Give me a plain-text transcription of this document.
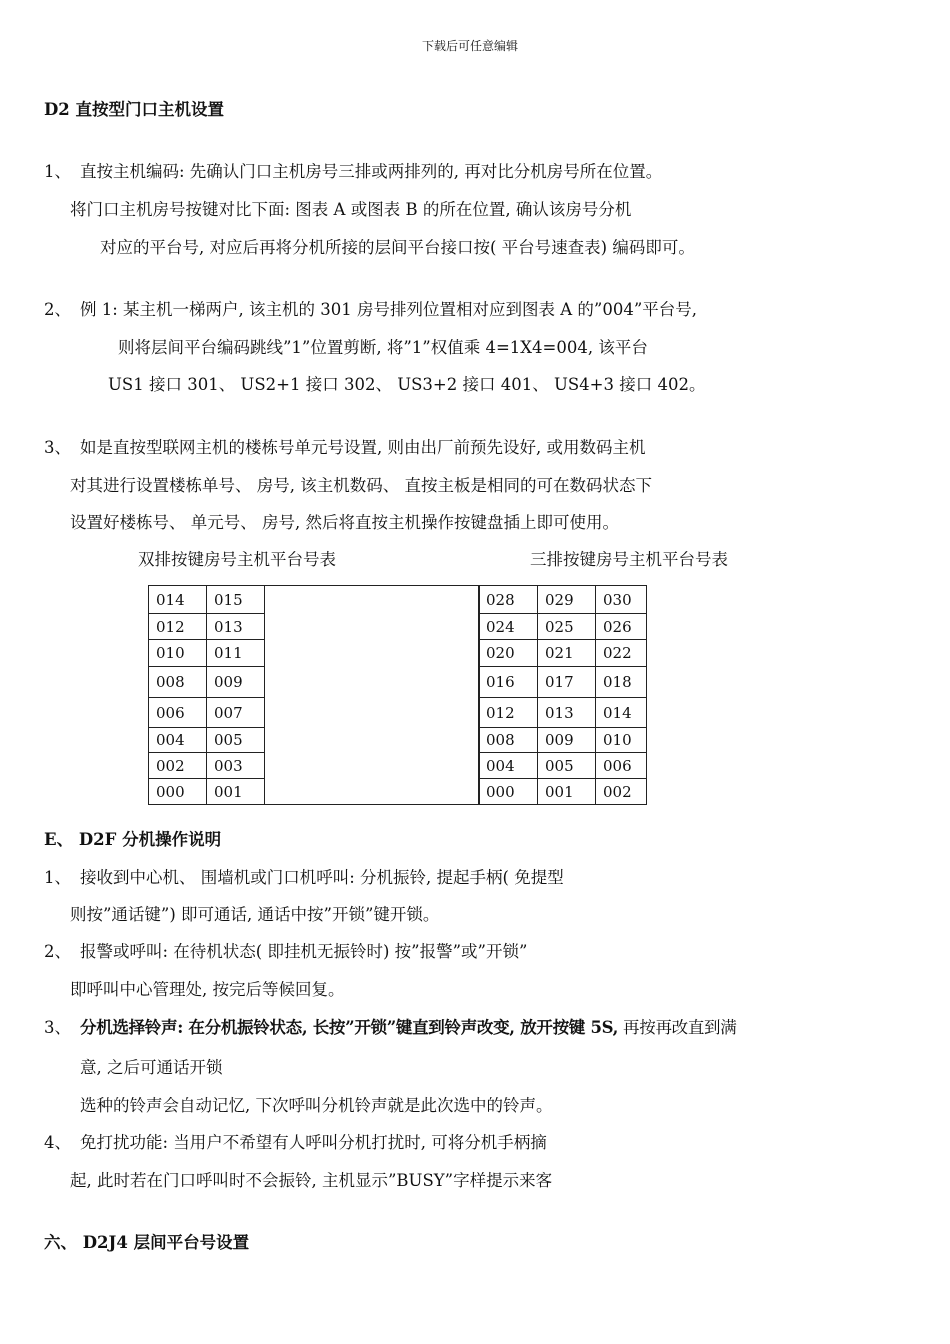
下载后可任意编辑
D2 直按型门口主机设置
1、 直按主机编码: 先确认门口主机房号三排或两排列的, 再对比分机房号所在位置。
将门口主机房号按键对比下面: 图表 A 或图表 B 的所在位置, 确认该房号分机
对应的平台号, 对应后再将分机所接的层间平台接口按( 平台号速查表) 编码即可。
2、 例 1: 某主机一梯两户, 该主机的 301 房号排列位置相对应到图表 A 的”004”平台号,
则将层间平台编码跳线”1”位置剪断, 将”1”权值乘 4=1X4=004, 该平台
US1 接口 301、 US2+1 接口 302、 US3+2 接口 401、 US4+3 接口 402。
3、 如是直按型联网主机的楼栋号单元号设置, 则由出厂前预先设好, 或用数码主机
对其进行设置楼栋单号、 房号, 该主机数码、 直按主板是相同的可在数码状态下
设置好楼栋号、 单元号、 房号, 然后将直按主机操作按键盘插上即可使用。
双排按键房号主机平台号表	三排按键房号主机平台号表
014	015	
012	013	
010	011	
008	009	
006	007	
004	005	
002	003	
000	001	
028	029	030
024	025	026
020	021	022
016	017	018
012	013	014
008	009	010
004	005	006
000	001	002
E、 D2F 分机操作说明
1、 接收到中心机、 围墙机或门口机呼叫: 分机振铃, 提起手柄( 免提型
则按”通话键”) 即可通话, 通话中按”开锁”键开锁。
2、 报警或呼叫: 在待机状态( 即挂机无振铃时) 按”报警”或”开锁”
即呼叫中心管理处, 按完后等候回复。
3、 分机选择铃声: 在分机振铃状态, 长按”开锁”键直到铃声改变, 放开按键 5S, 再按再改直到满
意, 之后可通话开锁
选种的铃声会自动记忆, 下次呼叫分机铃声就是此次选中的铃声。
4、 免打扰功能: 当用户不希望有人呼叫分机打扰时, 可将分机手柄摘
起, 此时若在门口呼叫时不会振铃, 主机显示”BUSY”字样提示来客
六、 D2J4 层间平台号设置
